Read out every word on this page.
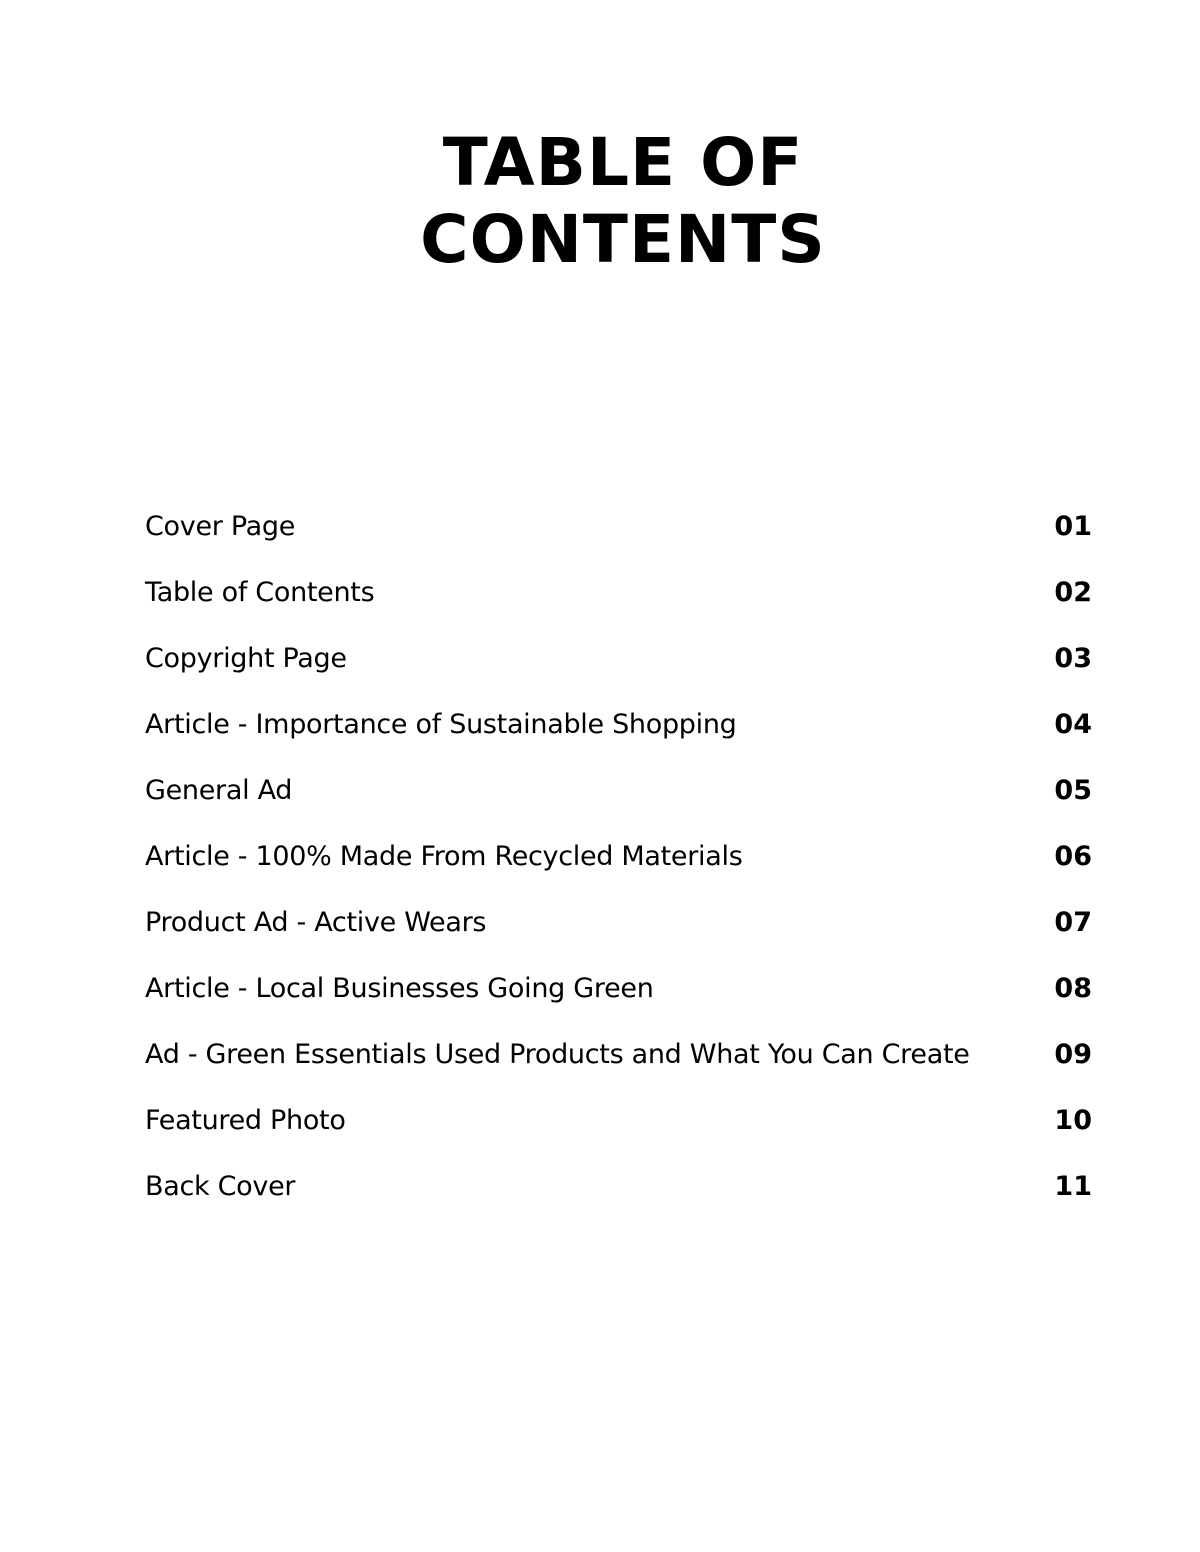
TABLE OF
CONTENTS
Cover Page	01
Table of Contents	02
Copyright Page	03
Article - Importance of Sustainable Shopping	04
General Ad	05
Article - 100% Made From Recycled Materials	06
Product Ad - Active Wears	07
Article - Local Businesses Going Green	08
Ad - Green Essentials Used Products and What You Can Create	09
Featured Photo	10
Back Cover	11
